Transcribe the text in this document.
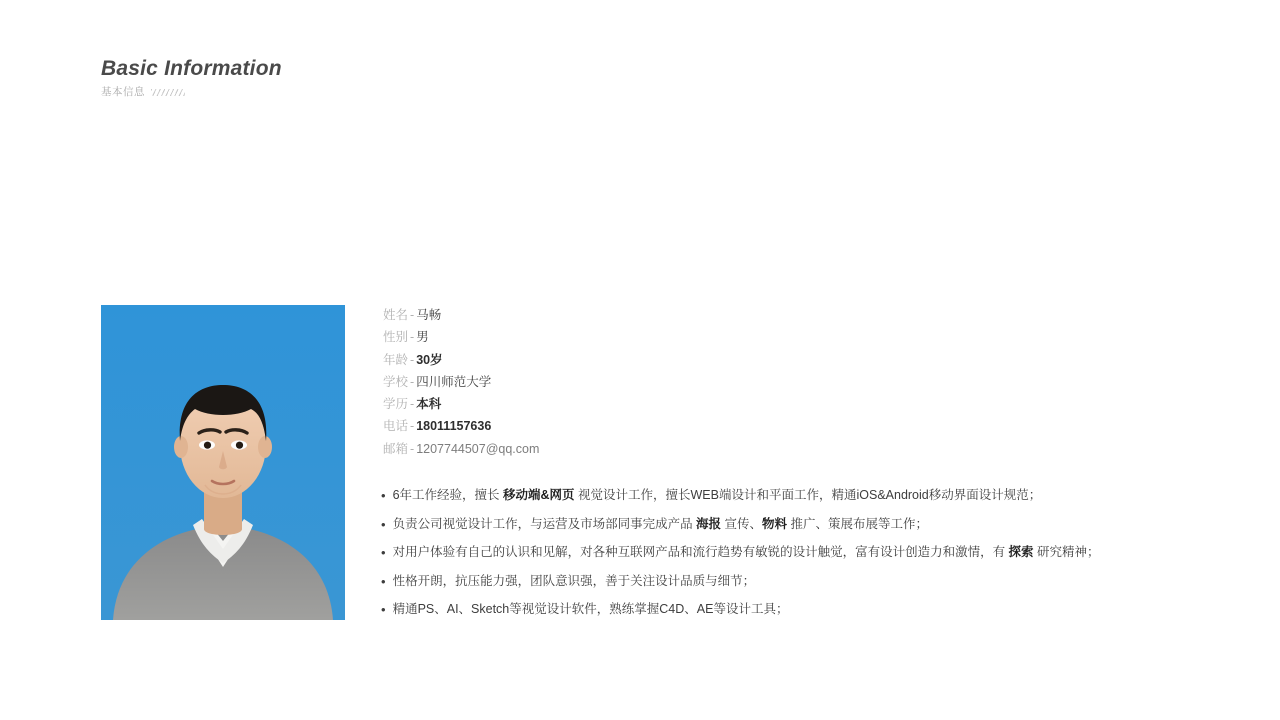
Basic Information
基本信息
姓名 - 马畅
性别 - 男
年龄 - 30岁
学校 - 四川师范大学
学历 - 本科
电话 - 18011157636
邮箱 - 1207744507@qq.com
• 6年工作经验，擅长 移动端&网页 视觉设计工作，擅长WEB端设计和平面工作，精通iOS&Android移动界面设计规范；
• 负责公司视觉设计工作，与运营及市场部同事完成产品 海报 宣传、物料 推广、策展布展等工作；
• 对用户体验有自己的认识和见解，对各种互联网产品和流行趋势有敏锐的设计触觉，富有设计创造力和激情，有 探索 研究精神；
• 性格开朗，抗压能力强，团队意识强，善于关注设计品质与细节；
• 精通PS、AI、Sketch等视觉设计软件，熟练掌握C4D、AE等设计工具；
